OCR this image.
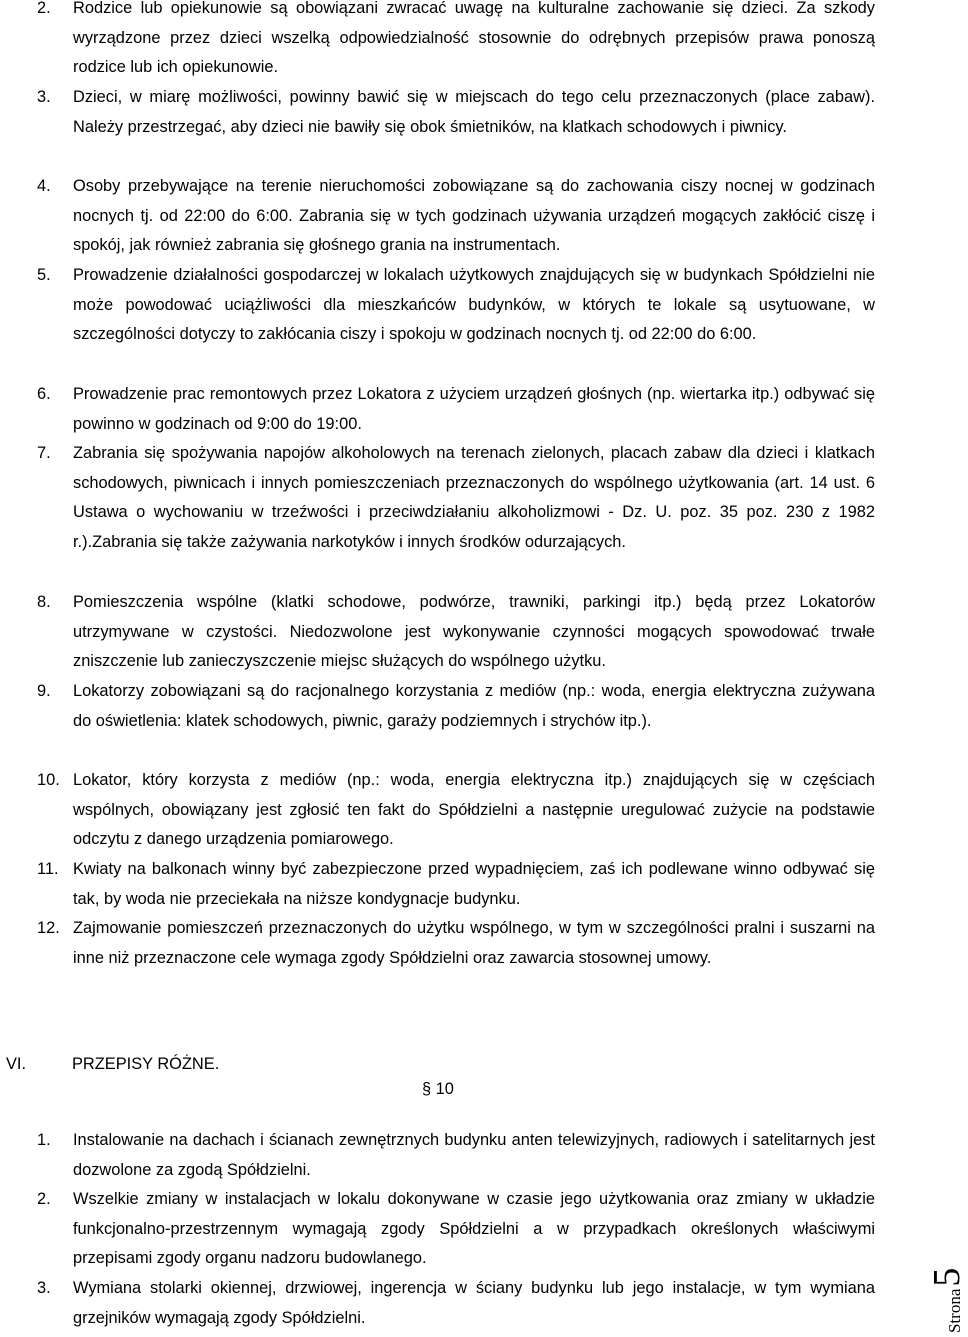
2. Rodzice lub opiekunowie są obowiązani zwracać uwagę na kulturalne zachowanie się dzieci. Za szkody wyrządzone przez dzieci wszelką odpowiedzialność stosownie do odrębnych przepisów prawa ponoszą rodzice lub ich opiekunowie.
3. Dzieci, w miarę możliwości, powinny bawić się w miejscach do tego celu przeznaczonych (place zabaw). Należy przestrzegać, aby dzieci nie bawiły się obok śmietników, na klatkach schodowych i piwnicy.
4. Osoby przebywające na terenie nieruchomości zobowiązane są do zachowania ciszy nocnej w godzinach nocnych tj. od 22:00 do 6:00. Zabrania się w tych godzinach używania urządzeń mogących zakłócić ciszę i spokój, jak również zabrania się głośnego grania na instrumentach.
5. Prowadzenie działalności gospodarczej w lokalach użytkowych znajdujących się w budynkach Spółdzielni nie może powodować uciążliwości dla mieszkańców budynków, w których te lokale są usytuowane, w szczególności dotyczy to zakłócania ciszy i spokoju w godzinach nocnych tj. od 22:00 do 6:00.
6. Prowadzenie prac remontowych przez Lokatora z użyciem urządzeń głośnych (np. wiertarka itp.) odbywać się powinno w godzinach od 9:00 do 19:00.
7. Zabrania się spożywania napojów alkoholowych na terenach zielonych, placach zabaw dla dzieci i klatkach schodowych, piwnicach i innych pomieszczeniach przeznaczonych do wspólnego użytkowania (art. 14 ust. 6 Ustawa o wychowaniu w trzeźwości i przeciwdziałaniu alkoholizmowi - Dz. U. poz. 35 poz. 230 z 1982 r.).Zabrania się także zażywania narkotyków i innych środków odurzających.
8. Pomieszczenia wspólne (klatki schodowe, podwórze, trawniki, parkingi itp.) będą przez Lokatorów utrzymywane w czystości. Niedozwolone jest wykonywanie czynności mogących spowodować trwałe zniszczenie lub zanieczyszczenie miejsc służących do wspólnego użytku.
9. Lokatorzy zobowiązani są do racjonalnego korzystania z mediów (np.: woda, energia elektryczna zużywana do oświetlenia: klatek schodowych, piwnic, garaży podziemnych i strychów itp.).
10. Lokator, który korzysta z mediów (np.: woda, energia elektryczna itp.) znajdujących się w częściach wspólnych, obowiązany jest zgłosić ten fakt do Spółdzielni a następnie uregulować zużycie na podstawie odczytu z danego urządzenia pomiarowego.
11. Kwiaty na balkonach winny być zabezpieczone przed wypadnięciem, zaś ich podlewane winno odbywać się tak, by woda nie przeciekała na niższe kondygnacje budynku.
12. Zajmowanie pomieszczeń przeznaczonych do użytku wspólnego, w tym w szczególności pralni i suszarni na inne niż przeznaczone cele wymaga zgody Spółdzielni oraz zawarcia stosownej umowy.
VI.	PRZEPISY RÓŻNE.
§ 10
1. Instalowanie na dachach i ścianach zewnętrznych budynku anten telewizyjnych, radiowych i satelitarnych jest dozwolone za zgodą Spółdzielni.
2. Wszelkie zmiany w instalacjach w lokalu dokonywane w czasie jego użytkowania oraz zmiany w układzie funkcjonalno-przestrzennym wymagają zgody Spółdzielni a w przypadkach określonych właściwymi przepisami zgody organu nadzoru budowlanego.
3. Wymiana stolarki okiennej, drzwiowej, ingerencja w ściany budynku lub jego instalacje, w tym wymiana grzejników wymagają zgody Spółdzielni.	Strona
5
